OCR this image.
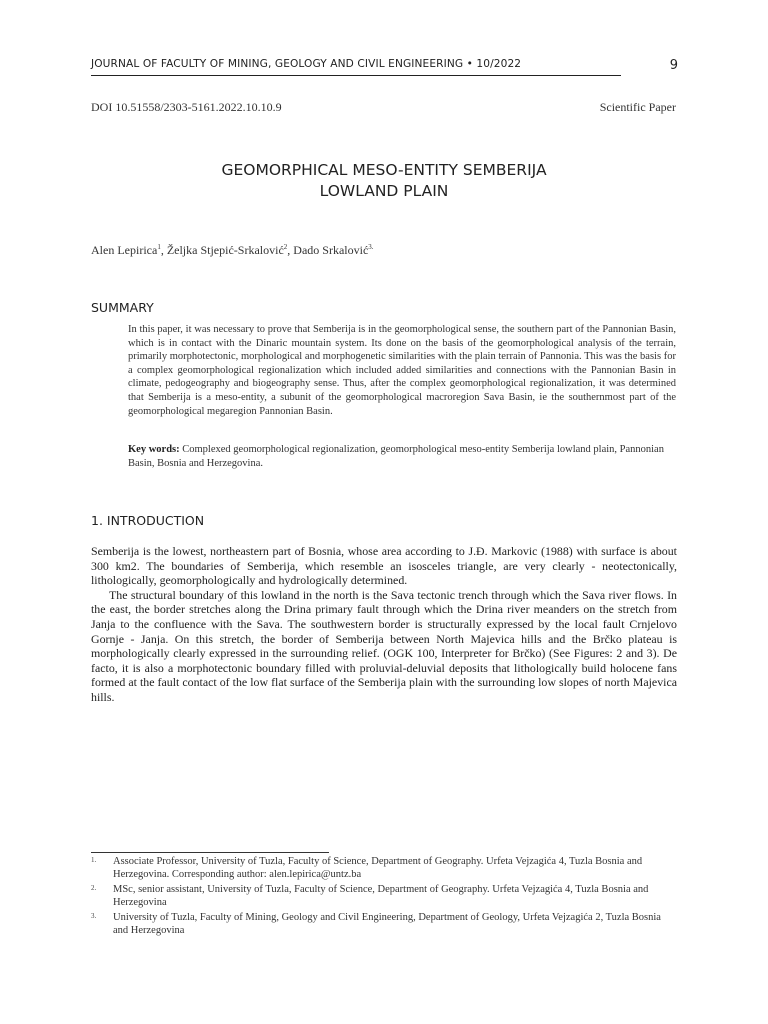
JOURNAL OF FACULTY OF MINING, GEOLOGY AND CIVIL ENGINEERING • 10/2022	9
DOI 10.51558/2303-5161.2022.10.10.9	Scientific Paper
GEOMORPHICAL MESO-ENTITY SEMBERIJA
LOWLAND PLAIN
Alen Lepirica$^1$, Željka Stjepić-Srkalović$^2$, Dado Srkalović$^{3.}$
SUMMARY

In this paper, it was necessary to prove that Semberija is in the geomorphological sense, the southern part of the Pannonian Basin, which is in contact with the Dinaric mountain system. Its done on the basis of the geomorphological analysis of the terrain, primarily morphotectonic, morphological and morphogenetic similarities with the plain terrain of Pannonia. This was the basis for a complex geomorphological regionalization which included added similarities and connections with the Pannonian Basin in climate, pedogeography and biogeography sense. Thus, after the complex geomorphological regionalization, it was determined that Semberija is a meso-entity, a subunit of the geomorphological macroregion Sava Basin, ie the southernmost part of the geomorphological megaregion Pannonian Basin.

Key words: Complexed geomorphological regionalization, geomorphological meso-entity Semberija lowland plain, Pannonian Basin, Bosnia and Herzegovina.

1. INTRODUCTION

Semberija is the lowest, northeastern part of Bosnia, whose area according to J.Đ. Markovic (1988) with surface is about 300 km2. The boundaries of Semberija, which resemble an isosceles triangle, are very clearly - neotectonically, lithologically, geomorphologically and hydrologically determined.

The structural boundary of this lowland in the north is the Sava tectonic trench through which the Sava river flows. In the east, the border stretches along the Drina primary fault through which the Drina river meanders on the stretch from Janja to the confluence with the Sava. The southwestern border is structurally expressed by the local fault Crnjelovo Gornje - Janja. On this stretch, the border of Semberija between North Majevica hills and the Brčko plateau is morphologically clearly expressed in the surrounding relief. (OGK 100, Interpreter for Brčko) (See Figures: 2 and 3). De facto, it is also a morphotectonic boundary filled with proluvial-deluvial deposits that lithologically build holocene fans formed at the fault contact of the low flat surface of the Semberija plain with the surrounding low slopes of north Majevica hills.

1. Associate Professor, University of Tuzla, Faculty of Science, Department of Geography. Urfeta Vejzagića 4, Tuzla Bosnia and Herzegovina. Corresponding author: alen.lepirica@untz.ba
2. MSc, senior assistant, University of Tuzla, Faculty of Science, Department of Geography. Urfeta Vejzagića 4, Tuzla Bosnia and Herzegovina
3. University of Tuzla, Faculty of Mining, Geology and Civil Engineering, Department of Geology, Urfeta Vejzagića 2, Tuzla Bosnia and Herzegovina
